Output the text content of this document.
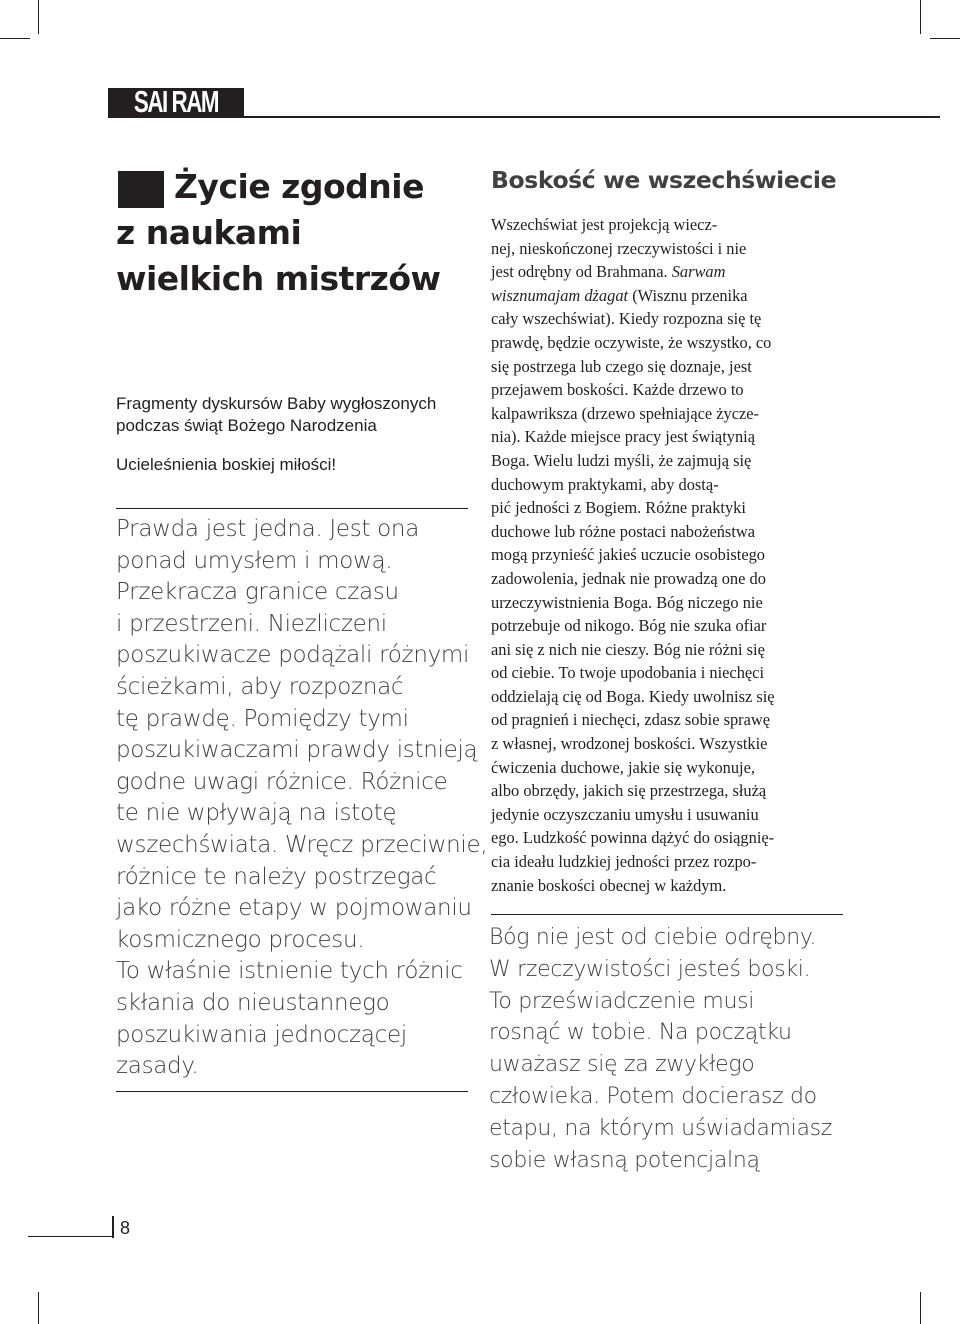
SAI RAM
Życie zgodnie
z naukami
wielkich mistrzów
Fragmenty dyskursów Baby wygłoszonych
podczas świąt Bożego Narodzenia
Ucieleśnienia boskiej miłości!
Prawda jest jedna. Jest ona
ponad umysłem i mową.
Przekracza granice czasu
i przestrzeni. Niezliczeni
poszukiwacze podążali różnymi
ścieżkami, aby rozpoznać
tę prawdę. Pomiędzy tymi
poszukiwaczami prawdy istnieją
godne uwagi różnice. Różnice
te nie wpływają na istotę
wszechświata. Wręcz przeciwnie,
różnice te należy postrzegać
jako różne etapy w pojmowaniu
kosmicznego procesu.
To właśnie istnienie tych różnic
skłania do nieustannego
poszukiwania jednoczącej
zasady.
Boskość we wszechświecie
Wszechświat jest projekcją wiecz-
nej, nieskończonej rzeczywistości i nie
jest odrębny od Brahmana. Sarwam
wisznumajam dżagat (Wisznu przenika
cały wszechświat). Kiedy rozpozna się tę
prawdę, będzie oczywiste, że wszystko, co
się postrzega lub czego się doznaje, jest
przejawem boskości. Każde drzewo to
kalpawriksza (drzewo spełniające życze-
nia). Każde miejsce pracy jest świątynią
Boga. Wielu ludzi myśli, że zajmują się
duchowym praktykami, aby dostą-
pić jedności z Bogiem. Różne praktyki
duchowe lub różne postaci nabożeństwa
mogą przynieść jakieś uczucie osobistego
zadowolenia, jednak nie prowadzą one do
urzeczywistnienia Boga. Bóg niczego nie
potrzebuje od nikogo. Bóg nie szuka ofiar
ani się z nich nie cieszy. Bóg nie różni się
od ciebie. To twoje upodobania i niechęci
oddzielają cię od Boga. Kiedy uwolnisz się
od pragnień i niechęci, zdasz sobie sprawę
z własnej, wrodzonej boskości. Wszystkie
ćwiczenia duchowe, jakie się wykonuje,
albo obrzędy, jakich się przestrzega, służą
jedynie oczyszczaniu umysłu i usuwaniu
ego. Ludzkość powinna dążyć do osiągnię-
cia ideału ludzkiej jedności przez rozpo-
znanie boskości obecnej w każdym.
Bóg nie jest od ciebie odrębny.
W rzeczywistości jesteś boski.
To przeświadczenie musi
rosnąć w tobie. Na początku
uważasz się za zwykłego
człowieka. Potem docierasz do
etapu, na którym uświadamiasz
sobie własną potencjalną
8
